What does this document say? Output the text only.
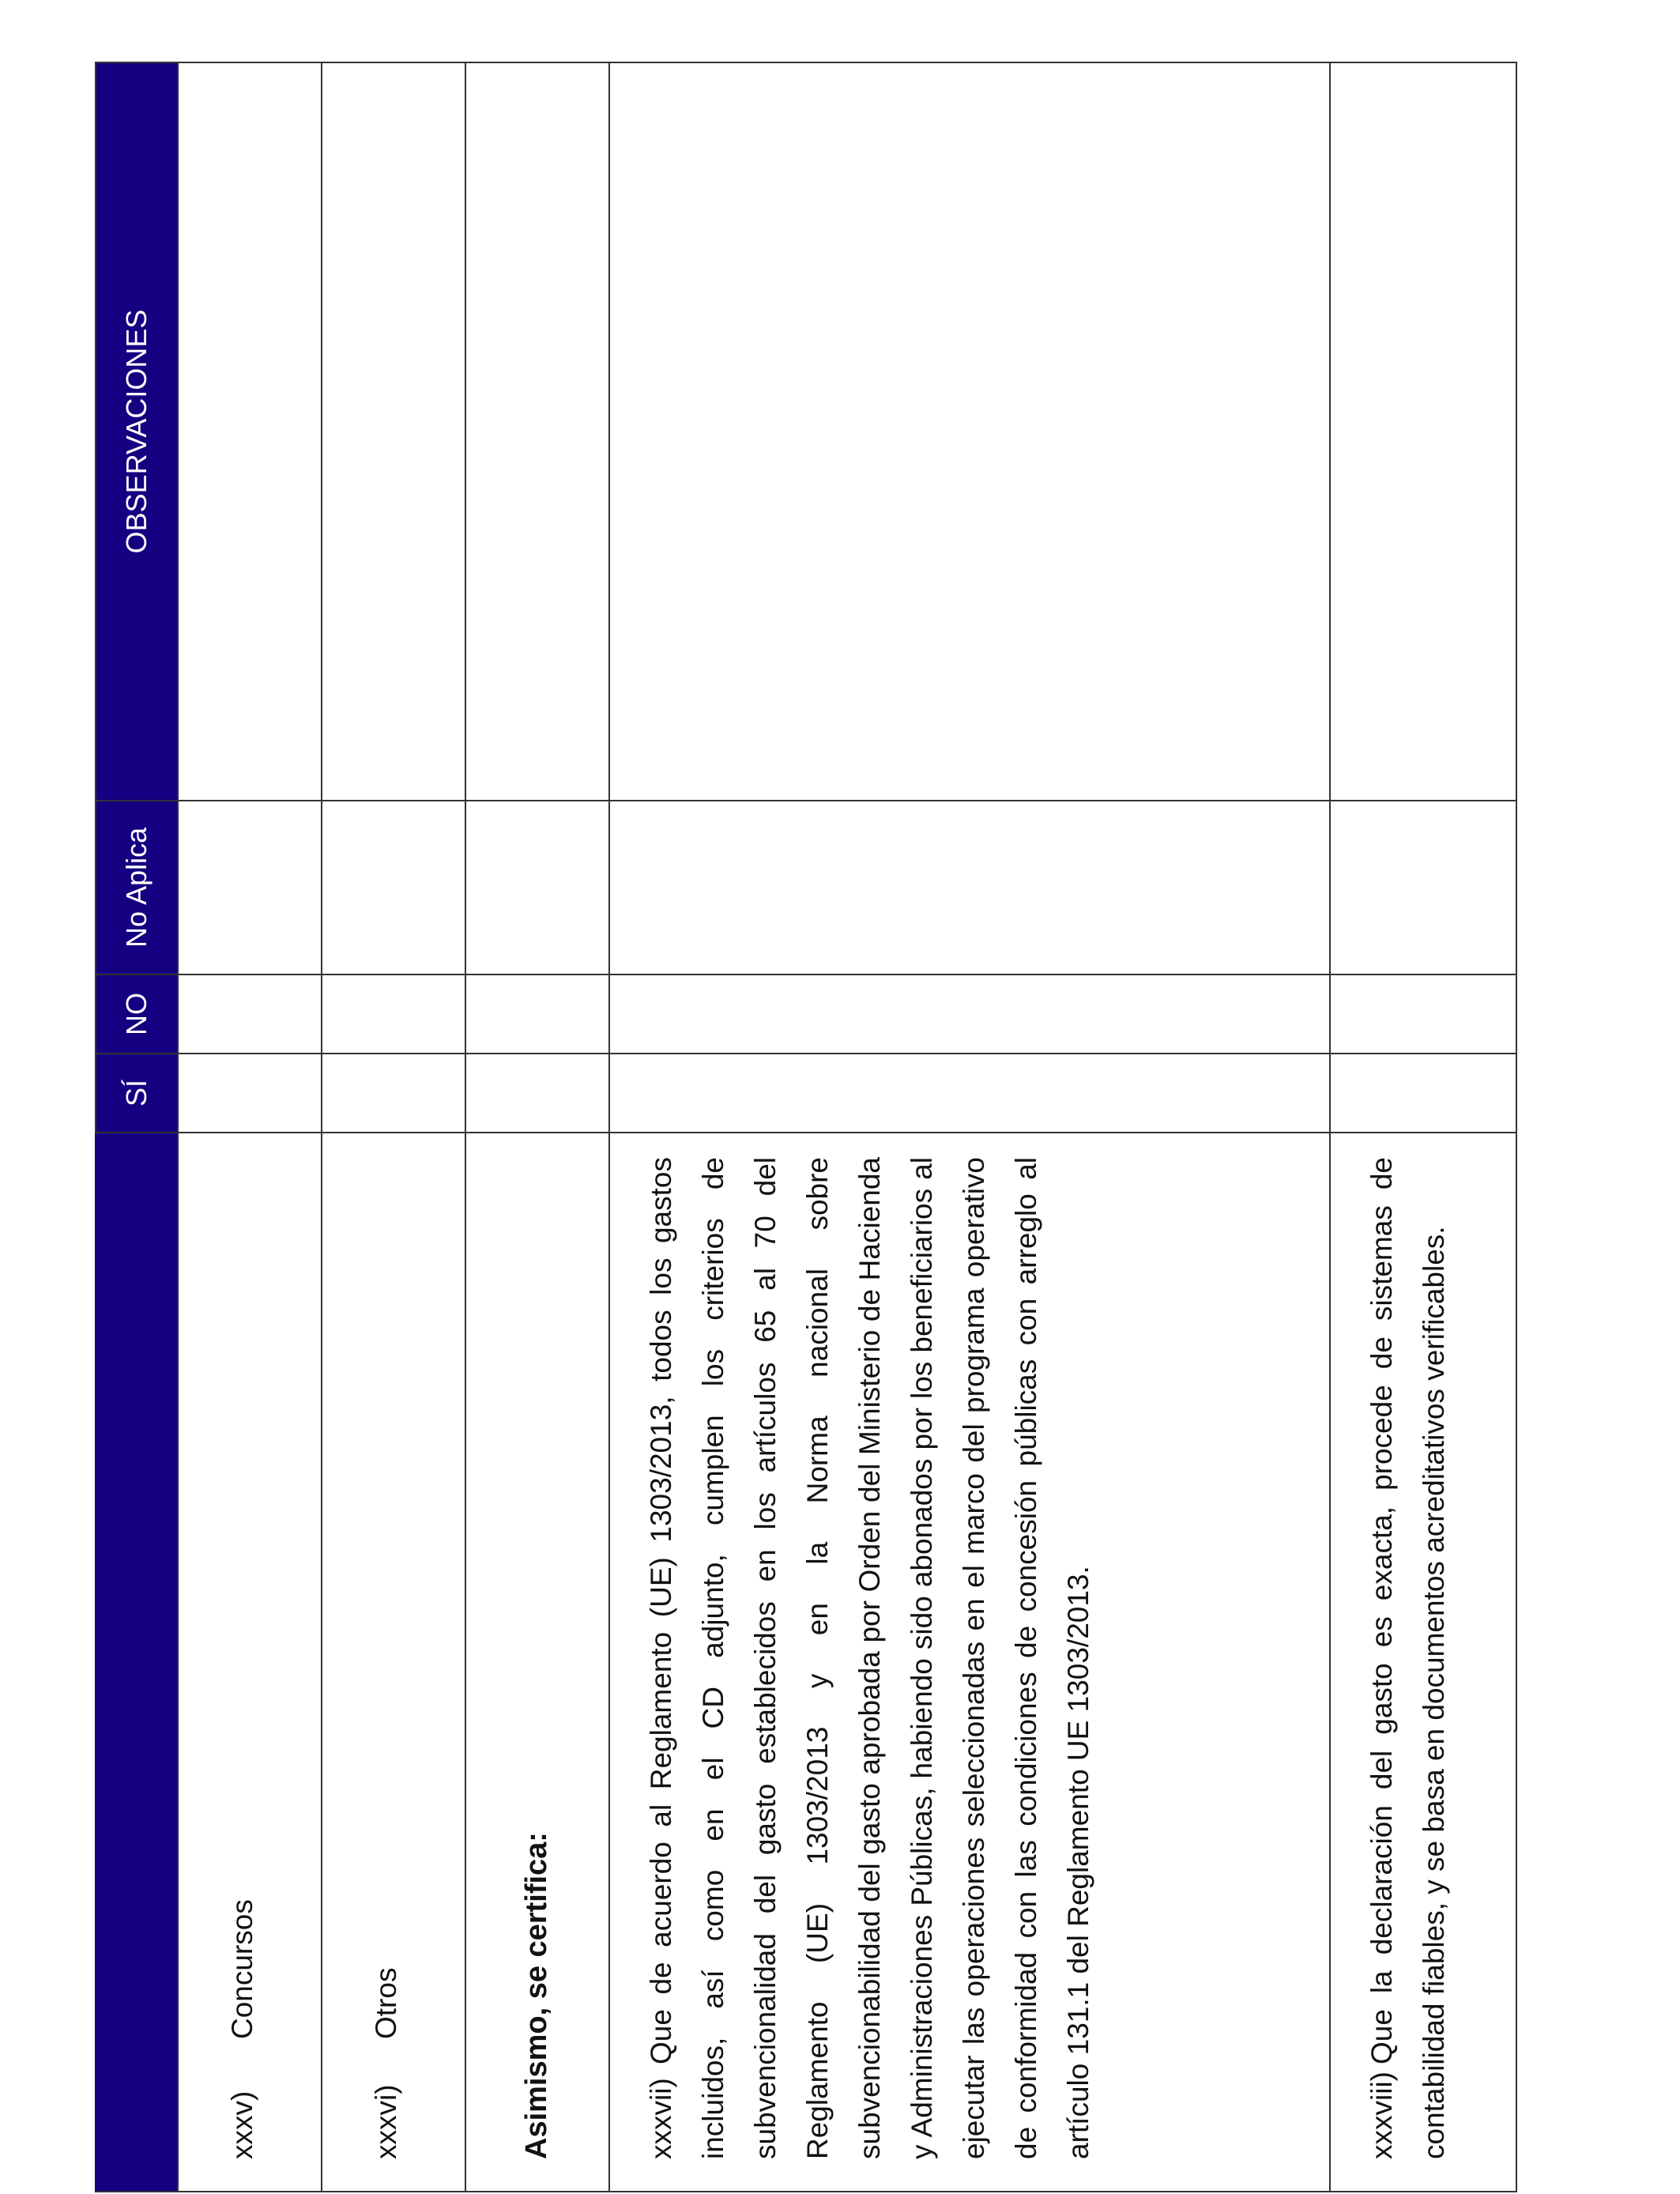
	SÍ	NO	No Aplica	OBSERVACIONES
xxxv)Concursos				
xxxvi)Otros				
Asimismo, se certifica:				
xxxvii)Que de acuerdo al Reglamento (UE) 1303/2013, todos los gastos incluidos, así como en el CD adjunto, cumplen los criterios de subvencionalidad del gasto establecidos en los artículos 65 al 70 del Reglamento (UE) 1303/2013 y en la Norma nacional sobre subvencionabilidad del gasto aprobada por Orden del Ministerio de Hacienda y Administraciones Públicas, habiendo sido abonados por los beneficiarios al ejecutar las operaciones seleccionadas en el marco del programa operativo de conformidad con las condiciones de concesión públicas con arreglo al artículo 131.1 del Reglamento UE 1303/2013.				
xxxviii)Que la declaración del gasto es exacta, procede de sistemas de contabilidad fiables, y se basa en documentos acreditativos verificables.				
